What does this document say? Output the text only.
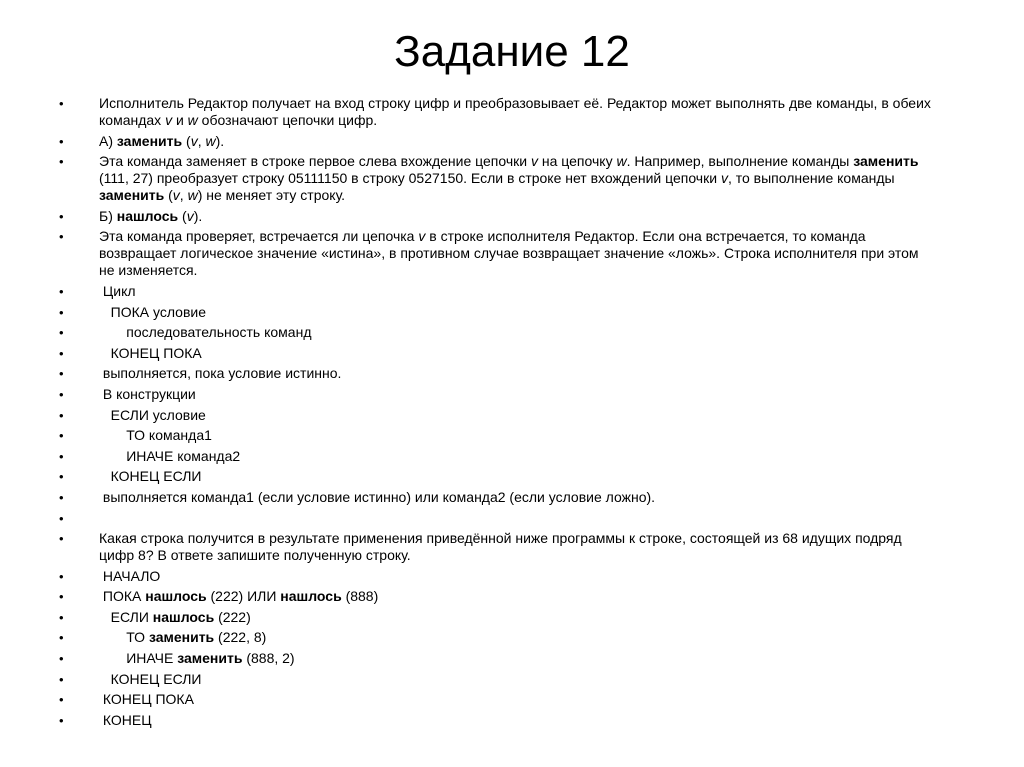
Задание 12
•	Исполнитель Редактор получает на вход строку цифр и преобразовывает её. Редактор может выполнять две команды, в обеих командах v и w обозначают цепочки цифр.
•	А) заменить (v, w).
•	Эта команда заменяет в строке первое слева вхождение цепочки v на цепочку w. Например, выполнение команды заменить (111, 27) преобразует строку 05111150 в строку 0527150. Если в строке нет вхождений цепочки v, то выполнение команды заменить (v, w) не меняет эту строку.
•	Б) нашлось (v).
•	Эта команда проверяет, встречается ли цепочка v в строке исполнителя Редактор. Если она встречается, то команда возвращает логическое значение «истина», в противном случае возвращает значение «ложь». Строка исполнителя при этом не изменяется.
•	Цикл
•	ПОКА условие
•	последовательность команд
•	КОНЕЦ ПОКА
•	выполняется, пока условие истинно.
•	В конструкции
•	ЕСЛИ условие
•	ТО команда1
•	ИНАЧЕ команда2
•	КОНЕЦ ЕСЛИ
•	выполняется команда1 (если условие истинно) или команда2 (если условие ложно).
•
•	Какая строка получится в результате применения приведённой ниже программы к строке, состоящей из 68 идущих подряд цифр 8? В ответе запишите полученную строку.
•	НАЧАЛО
•	ПОКА нашлось (222) ИЛИ нашлось (888)
•	ЕСЛИ нашлось (222)
•	ТО заменить (222, 8)
•	ИНАЧЕ заменить (888, 2)
•	КОНЕЦ ЕСЛИ
•	КОНЕЦ ПОКА
•	КОНЕЦ
